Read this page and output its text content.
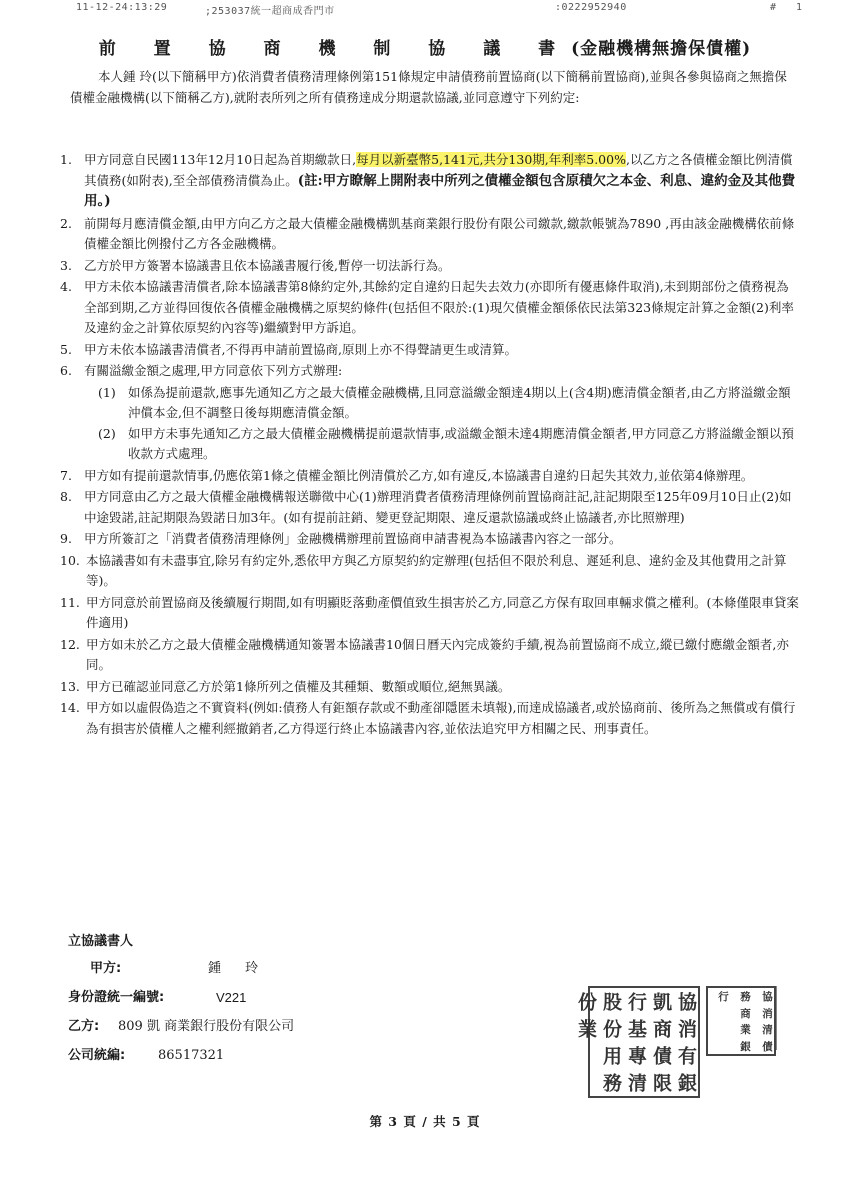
11-12-24:13:29	;253037統一超商成香門市	:0222952940	# 1
前 置 協 商 機 制 協 議 書(金融機構無擔保債權)
本人鍾 玲(以下簡稱甲方)依消費者債務清理條例第151條規定申請債務前置協商(以下簡稱前置協商),並與各參與協商之無擔保債權金融機構(以下簡稱乙方),就附表所列之所有債務達成分期還款協議,並同意遵守下列約定:
1. 甲方同意自民國113年12月10日起為首期繳款日,每月以新臺幣5,141元,共分130期,年利率5.00%,以乙方之各債權金額比例清償其債務(如附表),至全部債務清償為止。(註:甲方瞭解上開附表中所列之債權金額包含原積欠之本金、利息、違約金及其他費用。)
2. 前開每月應清償金額,由甲方向乙方之最大債權金融機構凱基商業銀行股份有限公司繳款,繳款帳號為7890 ,再由該金融機構依前條債權金額比例撥付乙方各金融機構。
3. 乙方於甲方簽署本協議書且依本協議書履行後,暫停一切法訴行為。
4. 甲方未依本協議書清償者,除本協議書第8條約定外,其餘約定自違約日起失去效力(亦即所有優惠條件取消),未到期部份之債務視為全部到期,乙方並得回復依各債權金融機構之原契約條件(包括但不限於:(1)現欠債權金額係依民法第323條規定計算之金額(2)利率及違約金之計算依原契約內容等)繼續對甲方訴追。
5. 甲方未依本協議書清償者,不得再申請前置協商,原則上亦不得聲請更生或清算。
6. 有關溢繳金額之處理,甲方同意依下列方式辦理:
(1) 如係為提前還款,應事先通知乙方之最大債權金融機構,且同意溢繳金額達4期以上(含4期)應清償金額者,由乙方將溢繳金額沖償本金,但不調整日後每期應清償金額。
(2) 如甲方未事先通知乙方之最大債權金融機構提前還款情事,或溢繳金額未達4期應清償金額者,甲方同意乙方將溢繳金額以預收款方式處理。
7. 甲方如有提前還款情事,仍應依第1條之債權金額比例清償於乙方,如有違反,本協議書自違約日起失其效力,並依第4條辦理。
8. 甲方同意由乙方之最大債權金融機構報送聯徵中心(1)辦理消費者債務清理條例前置協商註記,註記期限至125年09月10日止(2)如中途毀諾,註記期限為毀諾日加3年。(如有提前註銷、變更登記期限、違反還款協議或終止協議者,亦比照辦理)
9. 甲方所簽訂之「消費者債務清理條例」金融機構辦理前置協商申請書視為本協議書內容之一部分。
10. 本協議書如有未盡事宜,除另有約定外,悉依甲方與乙方原契約約定辦理(包括但不限於利息、遲延利息、違約金及其他費用之計算等)。
11. 甲方同意於前置協商及後續履行期間,如有明顯貶落動產價值致生損害於乙方,同意乙方保有取回車輛求償之權利。(本條僅限車貸案件適用)
12. 甲方如未於乙方之最大債權金融機構通知簽署本協議書10個日曆天內完成簽約手續,視為前置協商不成立,縱已繳付應繳金額者,亦同。
13. 甲方已確認並同意乙方於第1條所列之債權及其種類、數額或順位,絕無異議。
14. 甲方如以虛假偽造之不實資料(例如:債務人有鉅額存款或不動產卻隱匿未填報),而達成協議者,或於協商前、後所為之無償或有償行為有損害於債權人之權利經撤銷者,乙方得逕行終止本協議書內容,並依法追究甲方相關之民、刑事責任。
立協議書人
甲方:	鍾 玲
身份證統一編號:	V221
乙方: 809 凱 商業銀行股份有限公司
公司統編:	86517321
協
消
有
銀
凱
商
債
限
行
基
專
清
股
份
用
務
份
業
協
消
清
債
務
商
業
銀
行
第 3 頁 / 共 5 頁
